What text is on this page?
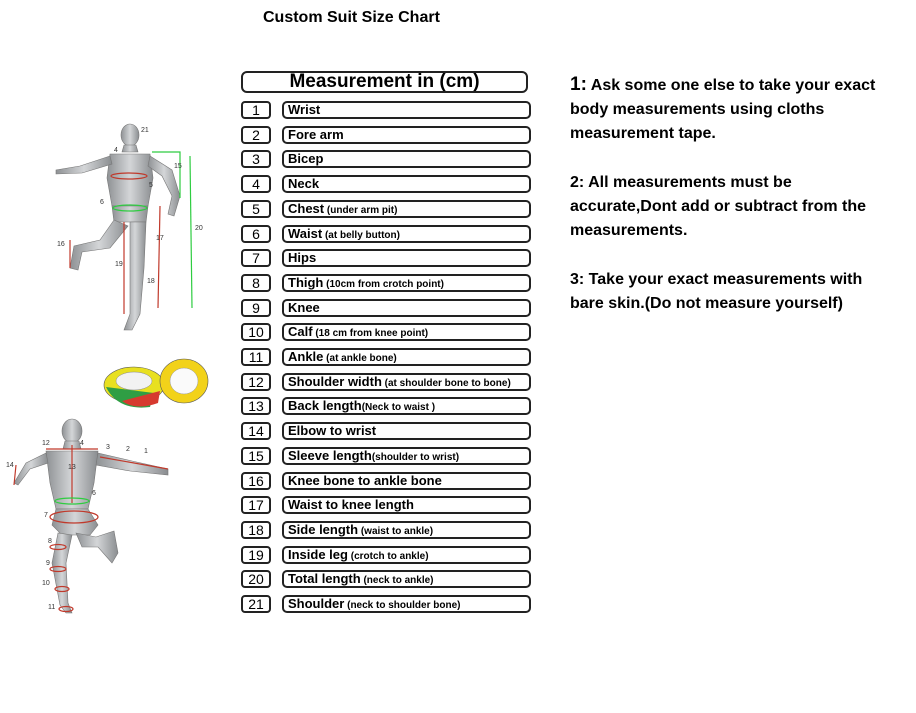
Custom Suit Size Chart
Measurement in (cm)
1	Wrist
2	Fore arm
3	Bicep
4	Neck
5	Chest (under arm pit)
6	Waist (at belly button)
7	Hips
8	Thigh (10cm from crotch point)
9	Knee
10	Calf (18 cm from knee point)
11	Ankle (at ankle bone)
12	Shoulder width (at shoulder bone to bone)
13	Back length(Neck to waist )
14	Elbow to wrist
15	Sleeve length(shoulder to wrist)
16	Knee bone to ankle bone
17	Waist to knee length
18	Side length (waist to ankle)
19	Inside leg (crotch to ankle)
20	Total length (neck to ankle)
21	Shoulder (neck to shoulder bone)

1: Ask some one else to take your exact body measurements using cloths measurement tape.

2: All measurements must be accurate,Dont add or subtract from the measurements.

3: Take your exact measurements with bare skin.(Do not measure yourself)

21
4
15
5
6
17
20
16
19
18
12	4
3 2 1
14	13
6
7
8
9
10
11
